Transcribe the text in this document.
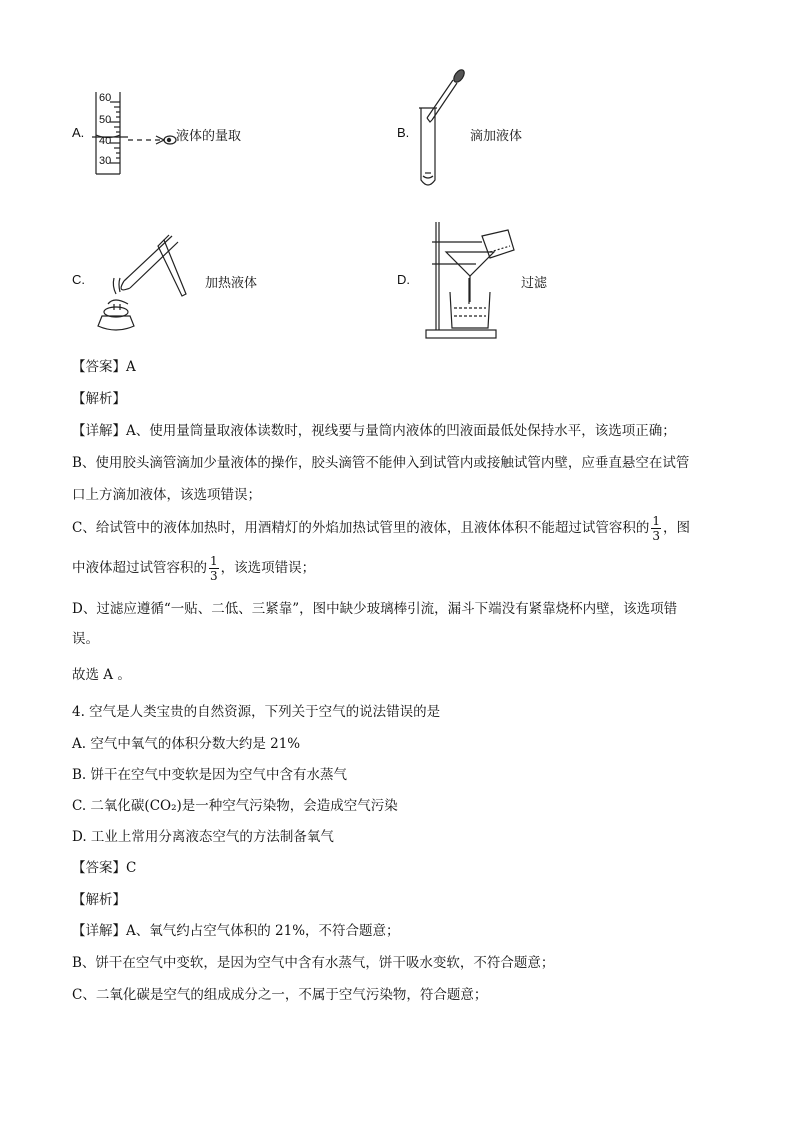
A.
60
50
40
30
液体的量取	B.	滴加液体
C.	加热液体	D.	过滤
【答案】A
【解析】
【详解】A、使用量筒量取液体读数时，视线要与量筒内液体的凹液面最低处保持水平，该选项正确；
B、使用胶头滴管滴加少量液体的操作，胶头滴管不能伸入到试管内或接触试管内壁，应垂直悬空在试管
口上方滴加液体，该选项错误；
C、给试管中的液体加热时，用酒精灯的外焰加热试管里的液体，且液体体积不能超过试管容积的 $\frac{1}{3}$ ，图
中液体超过试管容积的 $\frac{1}{3}$ ，该选项错误；
D、过滤应遵循“一贴、二低、三紧靠”，图中缺少玻璃棒引流，漏斗下端没有紧靠烧杯内壁，该选项错
误。
故选 A 。
4. 空气是人类宝贵的自然资源，下列关于空气的说法错误的是
A. 空气中氧气的体积分数大约是 21%
B. 饼干在空气中变软是因为空气中含有水蒸气
C. 二氧化碳(CO₂)是一种空气污染物，会造成空气污染
D. 工业上常用分离液态空气的方法制备氧气
【答案】C
【解析】
【详解】A、氧气约占空气体积的 21%，不符合题意；
B、饼干在空气中变软，是因为空气中含有水蒸气，饼干吸水变软，不符合题意；
C、二氧化碳是空气的组成成分之一，不属于空气污染物，符合题意；
